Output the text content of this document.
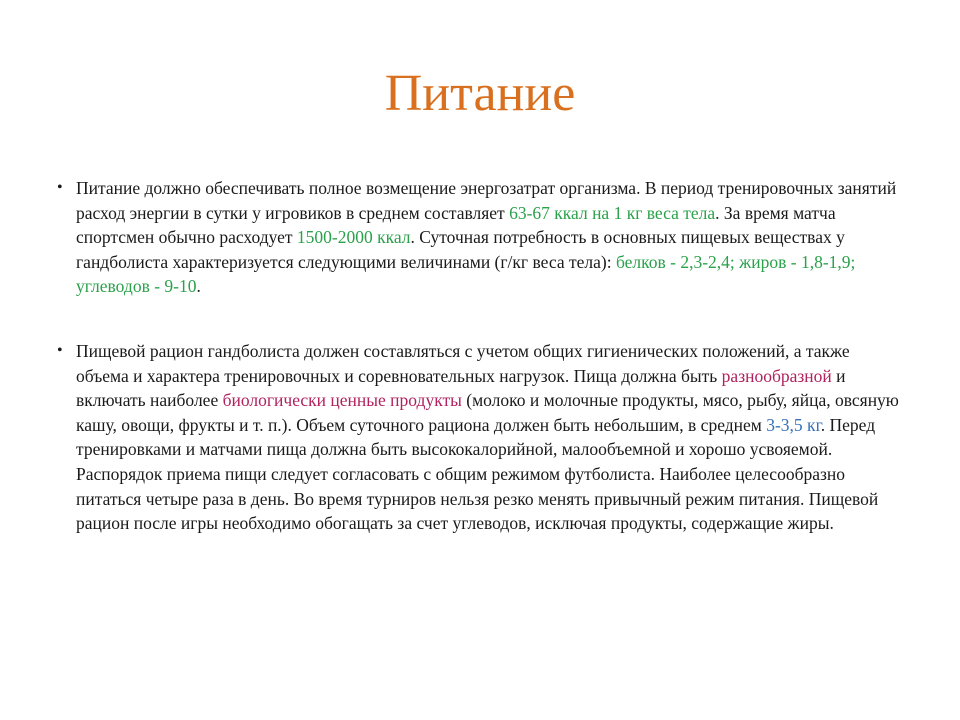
Питание
• Питание должно обеспечивать полное возмещение энергозатрат организма. В период тренировочных занятий расход энергии в сутки у игровиков в среднем составляет 63-67 ккал на 1 кг веса тела. За время матча спортсмен обычно расходует 1500-2000 ккал. Суточная потребность в основных пищевых веществах у гандболиста характеризуется следующими величинами (г/кг веса тела): белков - 2,3-2,4; жиров - 1,8-1,9; углеводов - 9-10.
• Пищевой рацион гандболиста должен составляться с учетом общих гигиенических положений, а также объема и характера тренировочных и соревновательных нагрузок. Пища должна быть разнообразной и включать наиболее биологически ценные продукты (молоко и молочные продукты, мясо, рыбу, яйца, овсяную кашу, овощи, фрукты и т. п.). Объем суточного рациона должен быть небольшим, в среднем 3-3,5 кг. Перед тренировками и матчами пища должна быть высококалорийной, малообъемной и хорошо усвояемой. Распорядок приема пищи следует согласовать с общим режимом футболиста. Наиболее целесообразно питаться четыре раза в день. Во время турниров нельзя резко менять привычный режим питания. Пищевой рацион после игры необходимо обогащать за счет углеводов, исключая продукты, содержащие жиры.
